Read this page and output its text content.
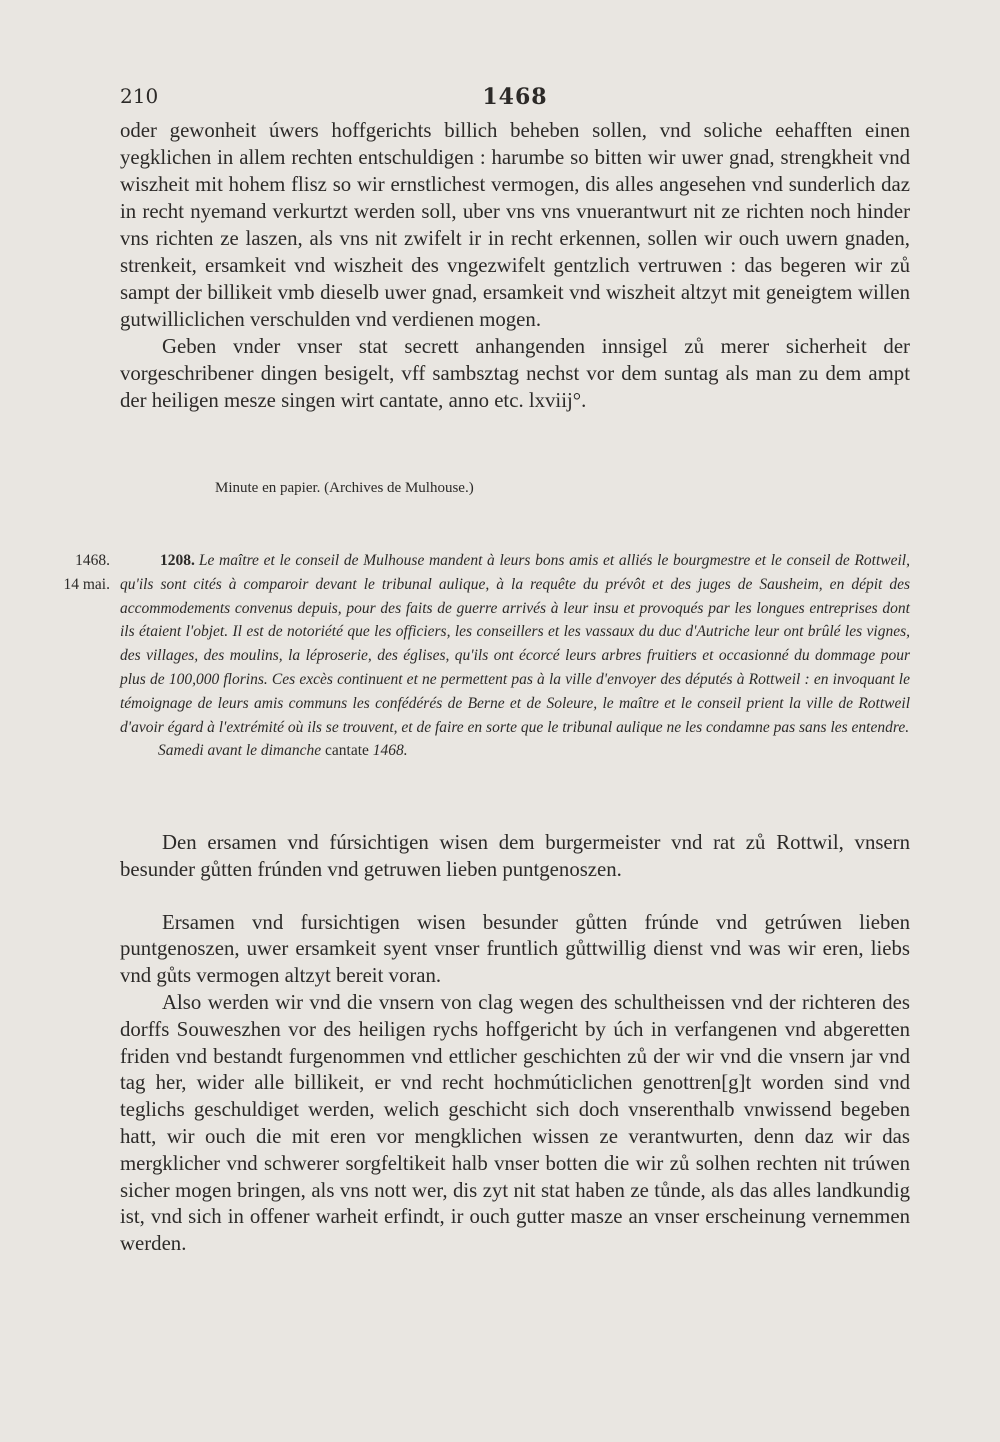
210	1468

oder gewonheit úwers hoffgerichts billich beheben sollen, vnd soliche eehafften einen yegklichen in allem rechten entschuldigen : harumbe so bitten wir uwer gnad, strengkheit vnd wiszheit mit hohem flisz so wir ernstlichest vermogen, dis alles angesehen vnd sunderlich daz in recht nyemand verkurtzt werden soll, uber vns vns vnuerantwurt nit ze richten noch hinder vns richten ze laszen, als vns nit zwifelt ir in recht erkennen, sollen wir ouch uwern gnaden, strenkeit, ersamkeit vnd wiszheit des vngezwifelt gentzlich vertruwen : das begeren wir zů sampt der billikeit vmb dieselb uwer gnad, ersamkeit vnd wiszheit altzyt mit geneigtem willen gutwilliclichen verschulden vnd verdienen mogen.

Geben vnder vnser stat secrett anhangenden innsigel zů merer sicherheit der vorgeschribener dingen besigelt, vff sambsztag nechst vor dem suntag als man zu dem ampt der heiligen mesze singen wirt cantate, anno etc. lxviij°.

Minute en papier. (Archives de Mulhouse.)
1468.
14 mai.

1208. Le maître et le conseil de Mulhouse mandent à leurs bons amis et alliés le bourgmestre et le conseil de Rottweil, qu'ils sont cités à comparoir devant le tribunal aulique, à la requête du prévôt et des juges de Sausheim, en dépit des accommodements convenus depuis, pour des faits de guerre arrivés à leur insu et provoqués par les longues entreprises dont ils étaient l'objet. Il est de notoriété que les officiers, les conseillers et les vassaux du duc d'Autriche leur ont brûlé les vignes, des villages, des moulins, la léproserie, des églises, qu'ils ont écorcé leurs arbres fruitiers et occasionné du dommage pour plus de 100,000 florins. Ces excès continuent et ne permettent pas à la ville d'envoyer des députés à Rottweil : en invoquant le témoignage de leurs amis communs les confédérés de Berne et de Soleure, le maître et le conseil prient la ville de Rottweil d'avoir égard à l'extrémité où ils se trouvent, et de faire en sorte que le tribunal aulique ne les condamne pas sans les entendre.

Samedi avant le dimanche cantate 1468.

Den ersamen vnd fúrsichtigen wisen dem burgermeister vnd rat zů Rottwil, vnsern besunder gůtten frúnden vnd getruwen lieben puntgenoszen.

Ersamen vnd fursichtigen wisen besunder gůtten frúnde vnd getrúwen lieben puntgenoszen, uwer ersamkeit syent vnser fruntlich gůttwillig dienst vnd was wir eren, liebs vnd gůts vermogen altzyt bereit voran.

Also werden wir vnd die vnsern von clag wegen des schultheissen vnd der richteren des dorffs Souweszhen vor des heiligen rychs hoffgericht by úch in verfangenen vnd abgeretten friden vnd bestandt furgenommen vnd ettlicher geschichten zů der wir vnd die vnsern jar vnd tag her, wider alle billikeit, er vnd recht hochmúticlichen genottren[g]t worden sind vnd teglichs geschuldiget werden, welich geschicht sich doch vnserenthalb vnwissend begeben hatt, wir ouch die mit eren vor mengklichen wissen ze verantwurten, denn daz wir das mergklicher vnd schwerer sorgfeltikeit halb vnser botten die wir zů solhen rechten nit trúwen sicher mogen bringen, als vns nott wer, dis zyt nit stat haben ze tůnde, als das alles landkundig ist, vnd sich in offener warheit erfindt, ir ouch gutter masze an vnser erscheinung vernemmen werden.
